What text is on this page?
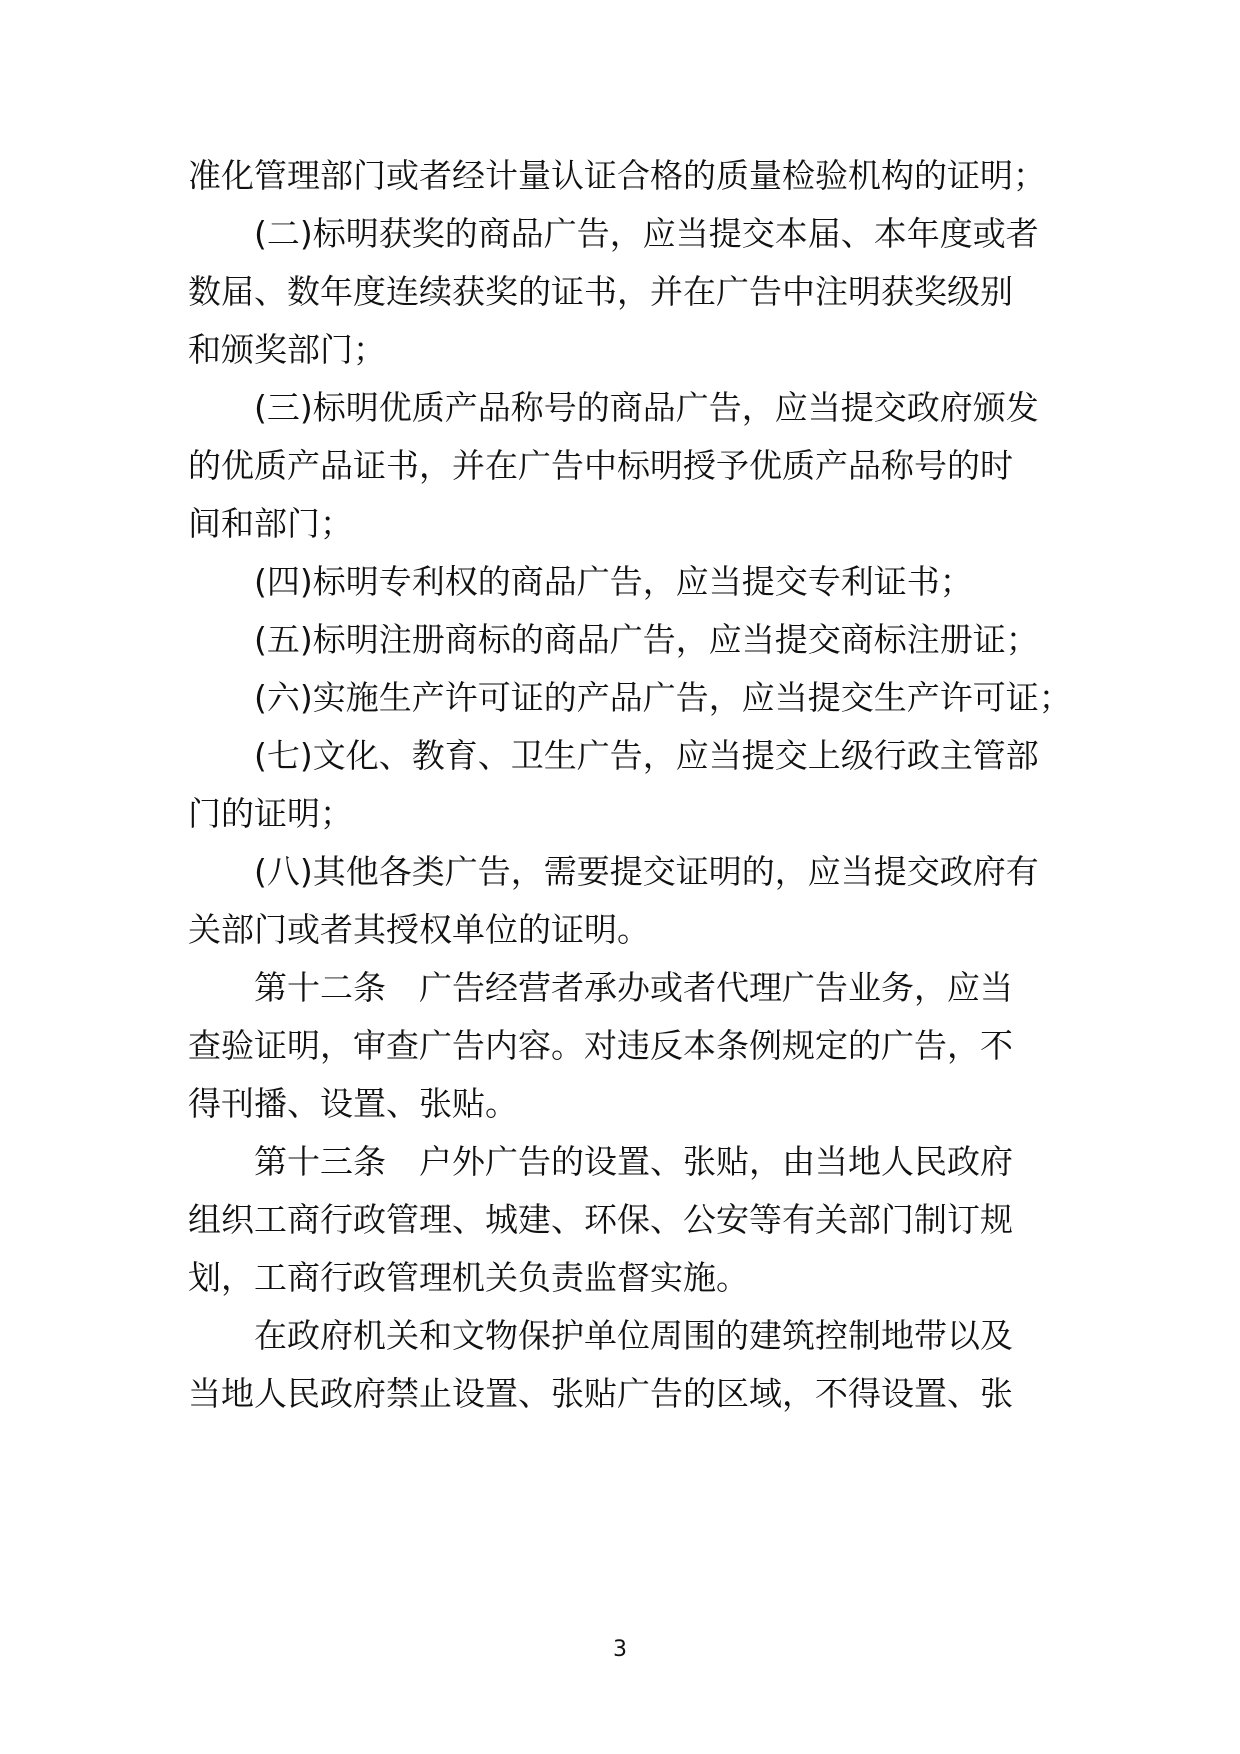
准化管理部门或者经计量认证合格的质量检验机构的证明；
(二)标明获奖的商品广告，应当提交本届、本年度或者
数届、数年度连续获奖的证书，并在广告中注明获奖级别
和颁奖部门；
(三)标明优质产品称号的商品广告，应当提交政府颁发
的优质产品证书，并在广告中标明授予优质产品称号的时
间和部门；
(四)标明专利权的商品广告，应当提交专利证书；
(五)标明注册商标的商品广告，应当提交商标注册证；
(六)实施生产许可证的产品广告，应当提交生产许可证；
(七)文化、教育、卫生广告，应当提交上级行政主管部
门的证明；
(八)其他各类广告，需要提交证明的，应当提交政府有
关部门或者其授权单位的证明。
第十二条　广告经营者承办或者代理广告业务，应当
查验证明，审查广告内容。对违反本条例规定的广告，不
得刊播、设置、张贴。
第十三条　户外广告的设置、张贴，由当地人民政府
组织工商行政管理、城建、环保、公安等有关部门制订规
划，工商行政管理机关负责监督实施。
在政府机关和文物保护单位周围的建筑控制地带以及
当地人民政府禁止设置、张贴广告的区域，不得设置、张
3
